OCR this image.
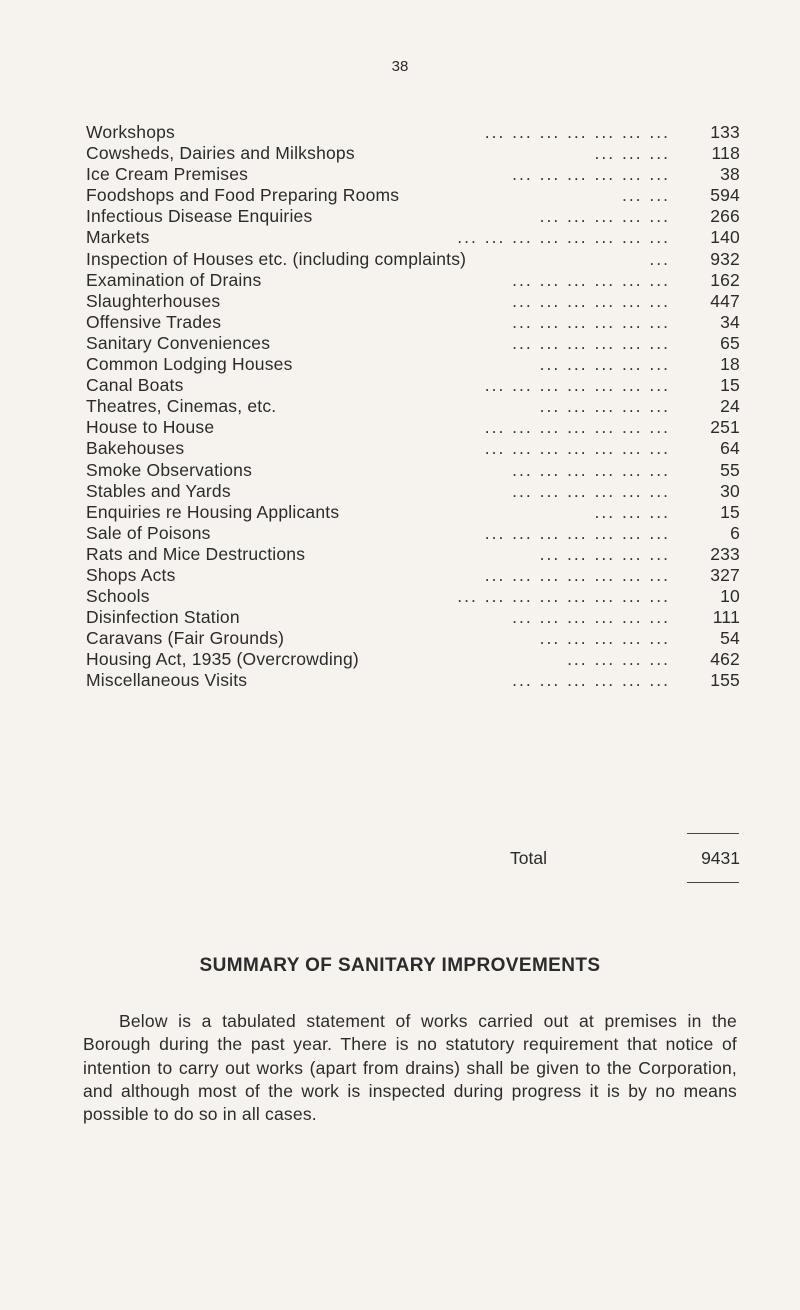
38
Workshops	... ... ... ... ... ... ...	133
Cowsheds, Dairies and Milkshops	... ... ...	118
Ice Cream Premises	... ... ... ... ... ...	38
Foodshops and Food Preparing Rooms	... ...	594
Infectious Disease Enquiries	... ... ... ... ...	266
Markets	... ... ... ... ... ... ... ...	140
Inspection of Houses etc. (including complaints)	...	932
Examination of Drains	... ... ... ... ... ...	162
Slaughterhouses	... ... ... ... ... ...	447
Offensive Trades	... ... ... ... ... ...	34
Sanitary Conveniences	... ... ... ... ... ...	65
Common Lodging Houses	... ... ... ... ...	18
Canal Boats	... ... ... ... ... ... ...	15
Theatres, Cinemas, etc.	... ... ... ... ...	24
House to House	... ... ... ... ... ... ...	251
Bakehouses	... ... ... ... ... ... ...	64
Smoke Observations	... ... ... ... ... ...	55
Stables and Yards	... ... ... ... ... ...	30
Enquiries re Housing Applicants	... ... ...	15
Sale of Poisons	... ... ... ... ... ... ...	6
Rats and Mice Destructions	... ... ... ... ...	233
Shops Acts	... ... ... ... ... ... ...	327
Schools	... ... ... ... ... ... ... ...	10
Disinfection Station	... ... ... ... ... ...	111
Caravans (Fair Grounds)	... ... ... ... ...	54
Housing Act, 1935 (Overcrowding)	... ... ... ...	462
Miscellaneous Visits	... ... ... ... ... ...	155
Total	9431
SUMMARY OF SANITARY IMPROVEMENTS
Below is a tabulated statement of works carried out at premises in the Borough during the past year. There is no statutory requirement that notice of intention to carry out works (apart from drains) shall be given to the Corporation, and although most of the work is inspected during progress it is by no means possible to do so in all cases.
